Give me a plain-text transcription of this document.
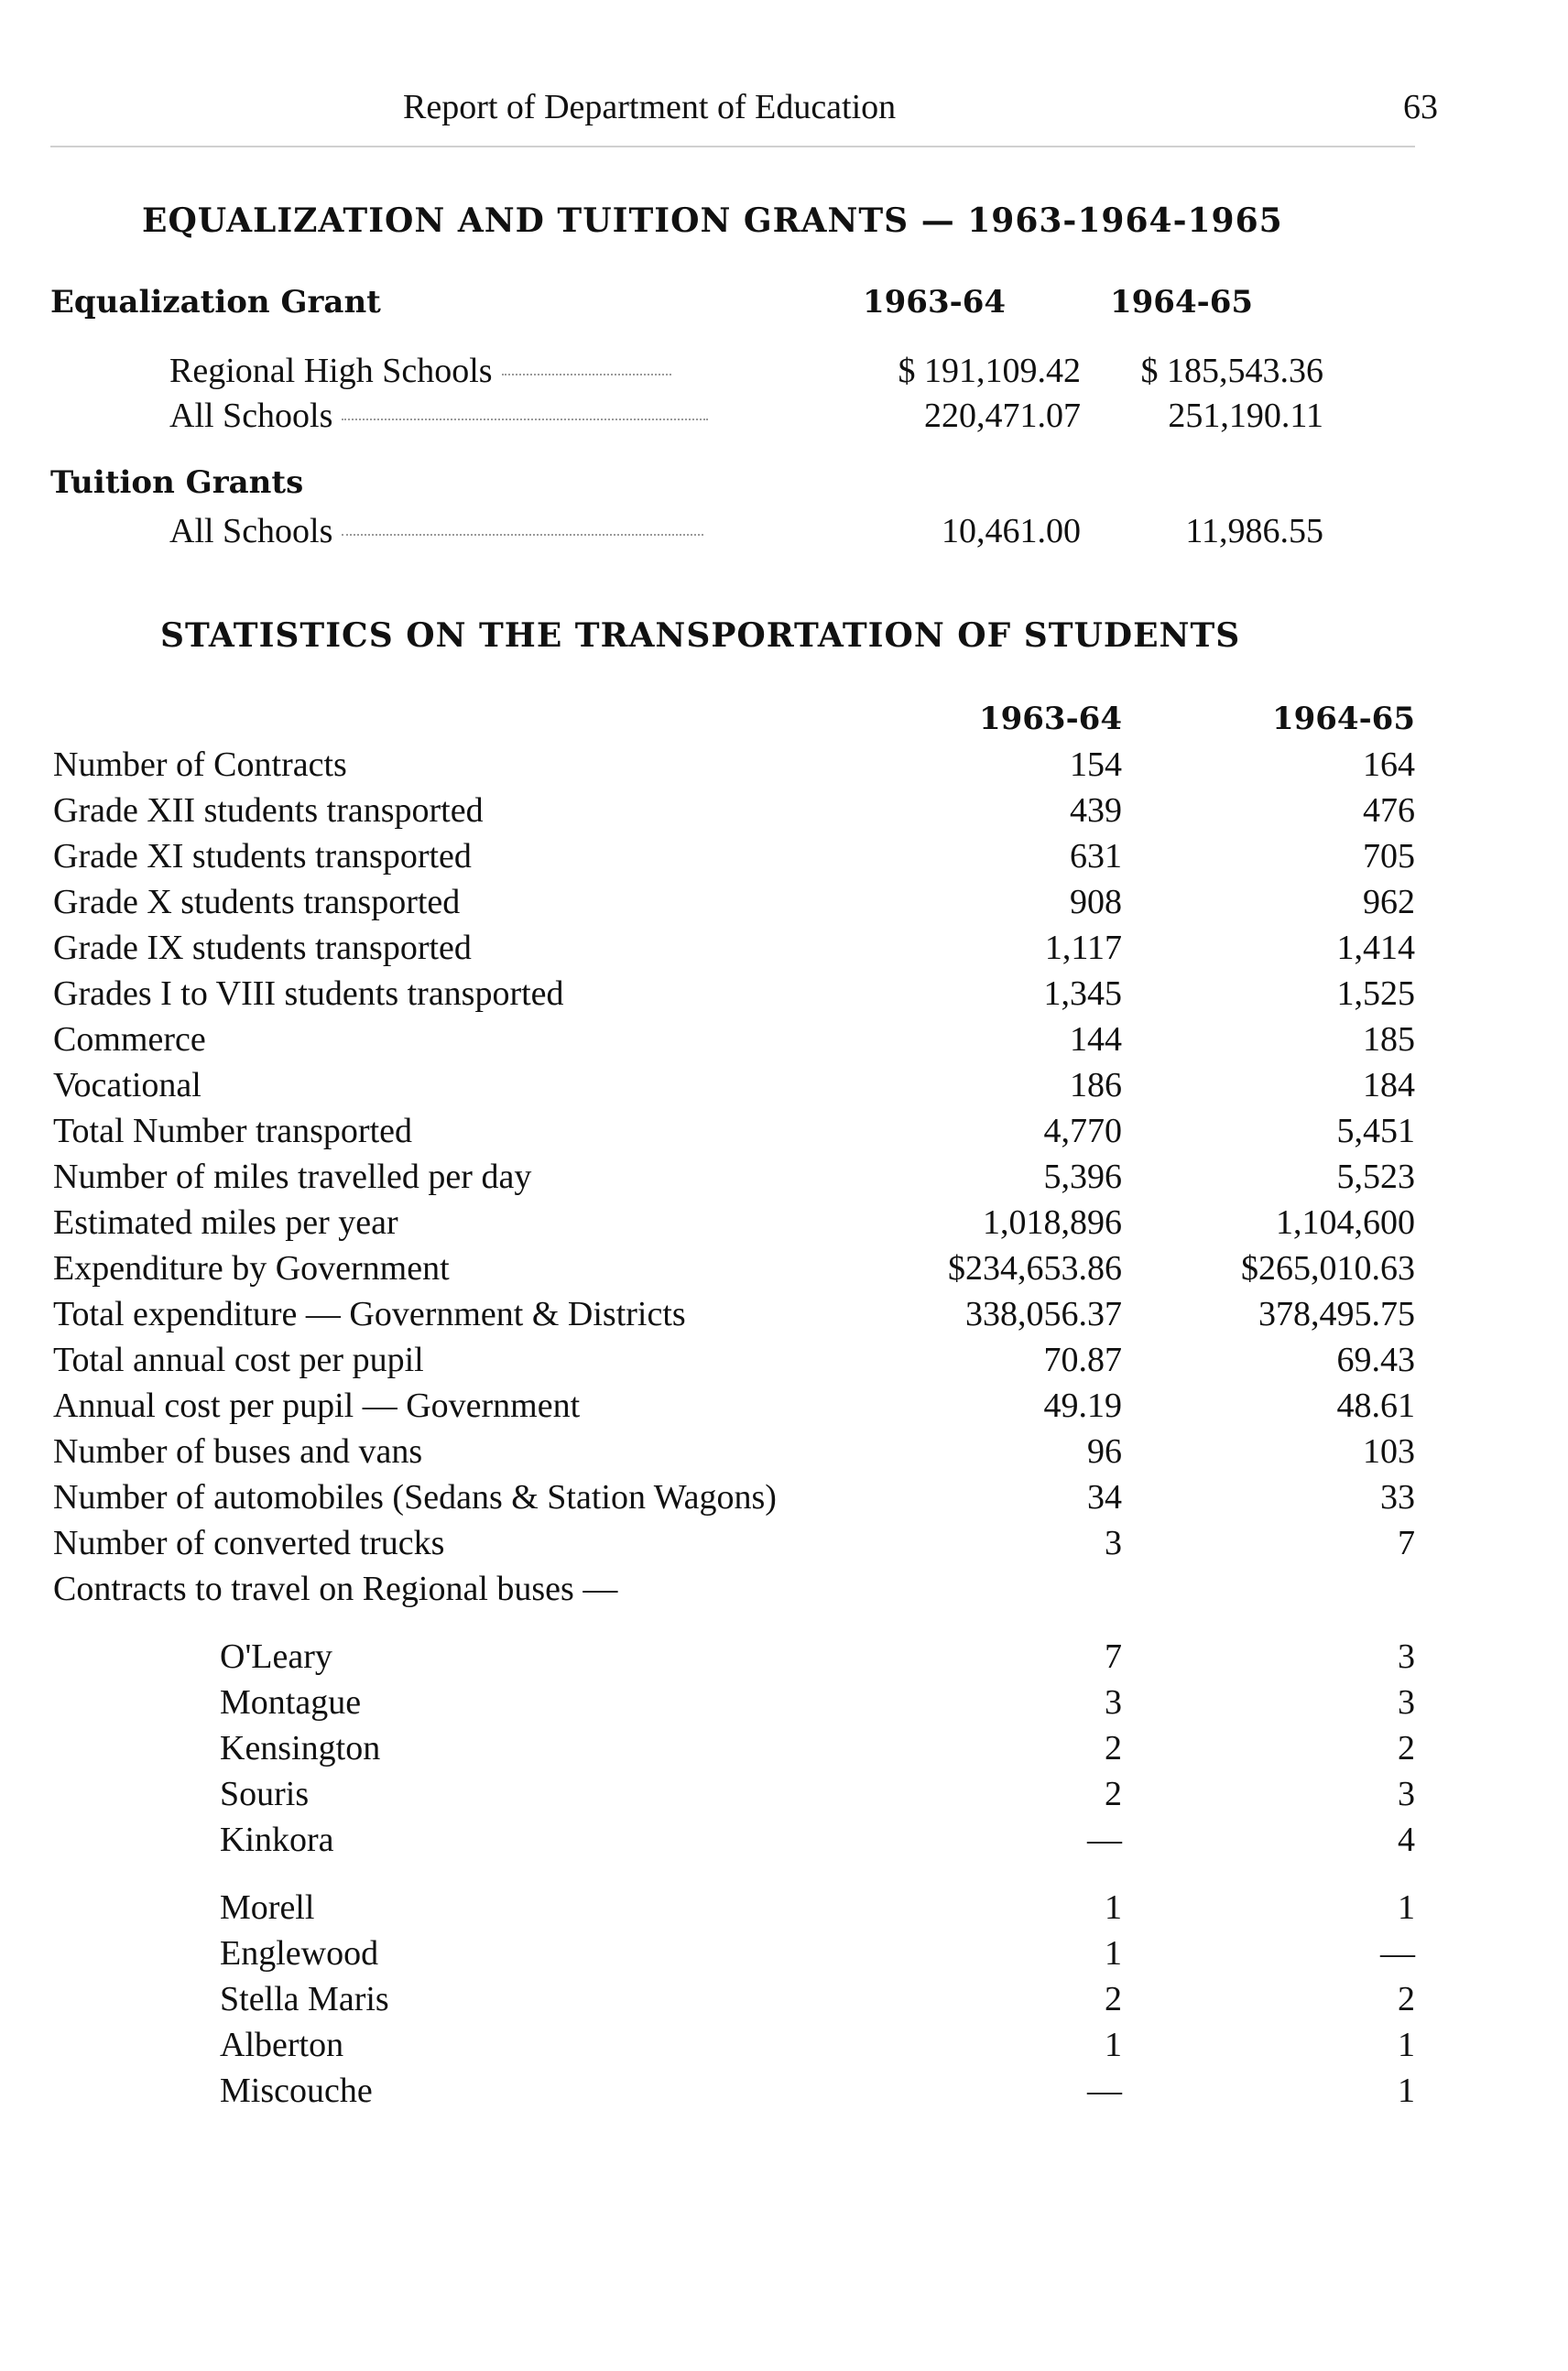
Report of Department of Education	63
EQUALIZATION AND TUITION GRANTS — 1963-1964-1965
Equalization Grant	1963-64	1964-65
Regional High Schools	$ 191,109.42	$ 185,543.36
All Schools	220,471.07	251,190.11
Tuition Grants
All Schools	10,461.00	11,986.55
STATISTICS ON THE TRANSPORTATION OF STUDENTS
1963-64	1964-65
Number of Contracts	154	164
Grade XII students transported	439	476
Grade XI students transported	631	705
Grade X students transported	908	962
Grade IX students transported	1,117	1,414
Grades I to VIII students transported	1,345	1,525
Commerce	144	185
Vocational	186	184
Total Number transported	4,770	5,451
Number of miles travelled per day	5,396	5,523
Estimated miles per year	1,018,896	1,104,600
Expenditure by Government	$234,653.86	$265,010.63
Total expenditure — Government & Districts	338,056.37	378,495.75
Total annual cost per pupil	70.87	69.43
Annual cost per pupil — Government	49.19	48.61
Number of buses and vans	96	103
Number of automobiles (Sedans & Station Wagons)	34	33
Number of converted trucks	3	7
Contracts to travel on Regional buses —
O'Leary	7	3
Montague	3	3
Kensington	2	2
Souris	2	3
Kinkora	—	4
Morell	1	1
Englewood	1	—
Stella Maris	2	2
Alberton	1	1
Miscouche	—	1
